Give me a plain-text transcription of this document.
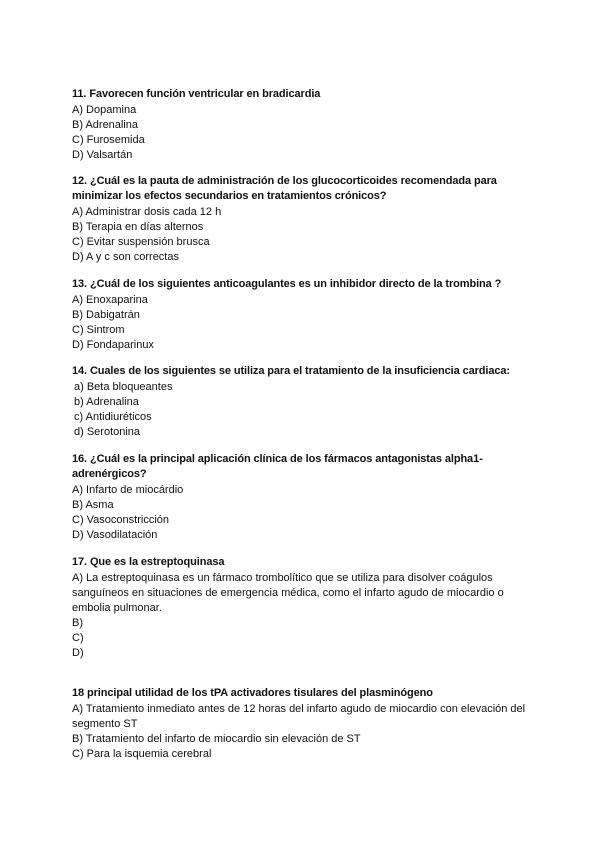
11. Favorecen función ventricular en bradicardia

A) Dopamina

B) Adrenalina

C) Furosemida

D) Valsartán

12. ¿Cuál es la pauta de administración de los glucocorticoides recomendada para minimizar los efectos secundarios en tratamientos crónicos?

A) Administrar dosis cada 12 h

B) Terapia en días alternos

C) Evitar suspensión brusca

D) A y c son correctas

13. ¿Cuál de los siguientes anticoagulantes es un inhibidor directo de la trombina ?

A) Enoxaparina

B) Dabigatrán

C) Sintrom

D) Fondaparinux

14. Cuales de los siguientes se utiliza para el tratamiento de la insuficiencia cardiaca:

a) Beta bloqueantes

b) Adrenalina

c) Antidiuréticos

d) Serotonina

16. ¿Cuál es la principal aplicación clínica de los fármacos antagonistas alpha1-adrenérgicos?

A) Infarto de miocárdio

B) Asma

C) Vasoconstricción

D) Vasodilatación

17. Que es la estreptoquinasa

A) La estreptoquinasa es un fármaco trombolítico que se utiliza para disolver coágulos sanguíneos en situaciones de emergencia médica, como el infarto agudo de miocardio o embolia pulmonar.

B)

C)

D)

18 principal utilidad de los tPA activadores tisulares del plasminógeno

A) Tratamiento inmediato antes de 12 horas del infarto agudo de miocardio con elevación del segmento ST

B) Tratamiento del infarto de miocardio sin elevación de ST

C) Para la isquemia cerebral
